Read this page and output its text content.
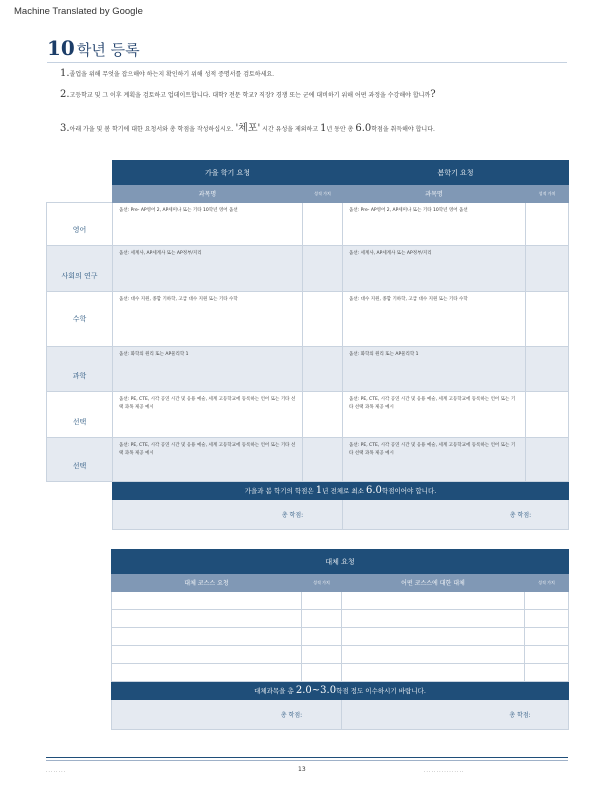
Machine Translated by Google
10 학년 등록
1.졸업을 위해 무엇을 잡으해야 하는지 확인하기 위해 성적 증명서를 검토하세요.
2.고등학교 및 그 이후 계획을 검토하고 업데이트합니다. 대학? 전문 학교? 직장? 경쟁 또는 군에 대비하기 위해 어떤 과정을 수강해야 합니까?
3.아래 가을 및 봄 학기에 대한 요청서와 총 학점을 작성하십시오. '체포' 시간 유성을 제외하고 1년 동안 총 6.0학점을 취득해야 합니다.
	가을 학기 요청		봄학기 요청	
	과목명	성적 가치	과목명	성적 가치
영어	옵션: Pre- AP영어 2, AP세미나 또는 기타 10학년 영어 옵션		옵션: Pre- AP영어 2, AP세미나 또는 기타 10학년 영어 옵션	
사회의 연구	옵션: 세계사, AP세계사 또는 AP정부/지리		옵션: 세계사, AP세계사 또는 AP정부/지리	
수학	옵션: 대수 지원, 종합 기하학, 고급 대수 지원 또는 기타 수학		옵션: 대수 지원, 종합 기하학, 고급 대수 지원 또는 기타 수학	
과학	옵션: 화학의 원리 또는 AP물리학 1		옵션: 화학의 원리 또는 AP물리학 1	
선택	옵션: PE, CTE, 시각 공연 시간 및 응용 예술, 세계 고등학교에 등록하는 언어 또는 기타 선택 과목 제공 예시		옵션: PE, CTE, 시각 공연 시간 및 응용 예술, 세계 고등학교에 등록하는 언어 또는 기타 선택 과목 제공 예시	
선택	옵션: PE, CTE, 시각 공연 시간 및 응용 예술, 세계 고등학교에 등록하는 언어 또는 기타 선택 과목 제공 예시		옵션: PE, CTE, 시각 공연 시간 및 응용 예술, 세계 고등학교에 등록하는 언어 또는 기타 선택 과목 제공 예시	
	가을과 봄 학기의 학점은 1년 전체로 최소 6.0학점이어야 합니다.			
	총 학점:		총 학점:	
대체 요청			
대체 코스스 요청	성적 가치	어떤 코스스에 대한 대체	성적 가치

대체과목을 총 2.0~3.0학점 정도 이수하시기 바랍니다.			
총 학점:		총 학점:	
· · · · · · · ·	13	· · · · · · · · · · · · · · · ·
